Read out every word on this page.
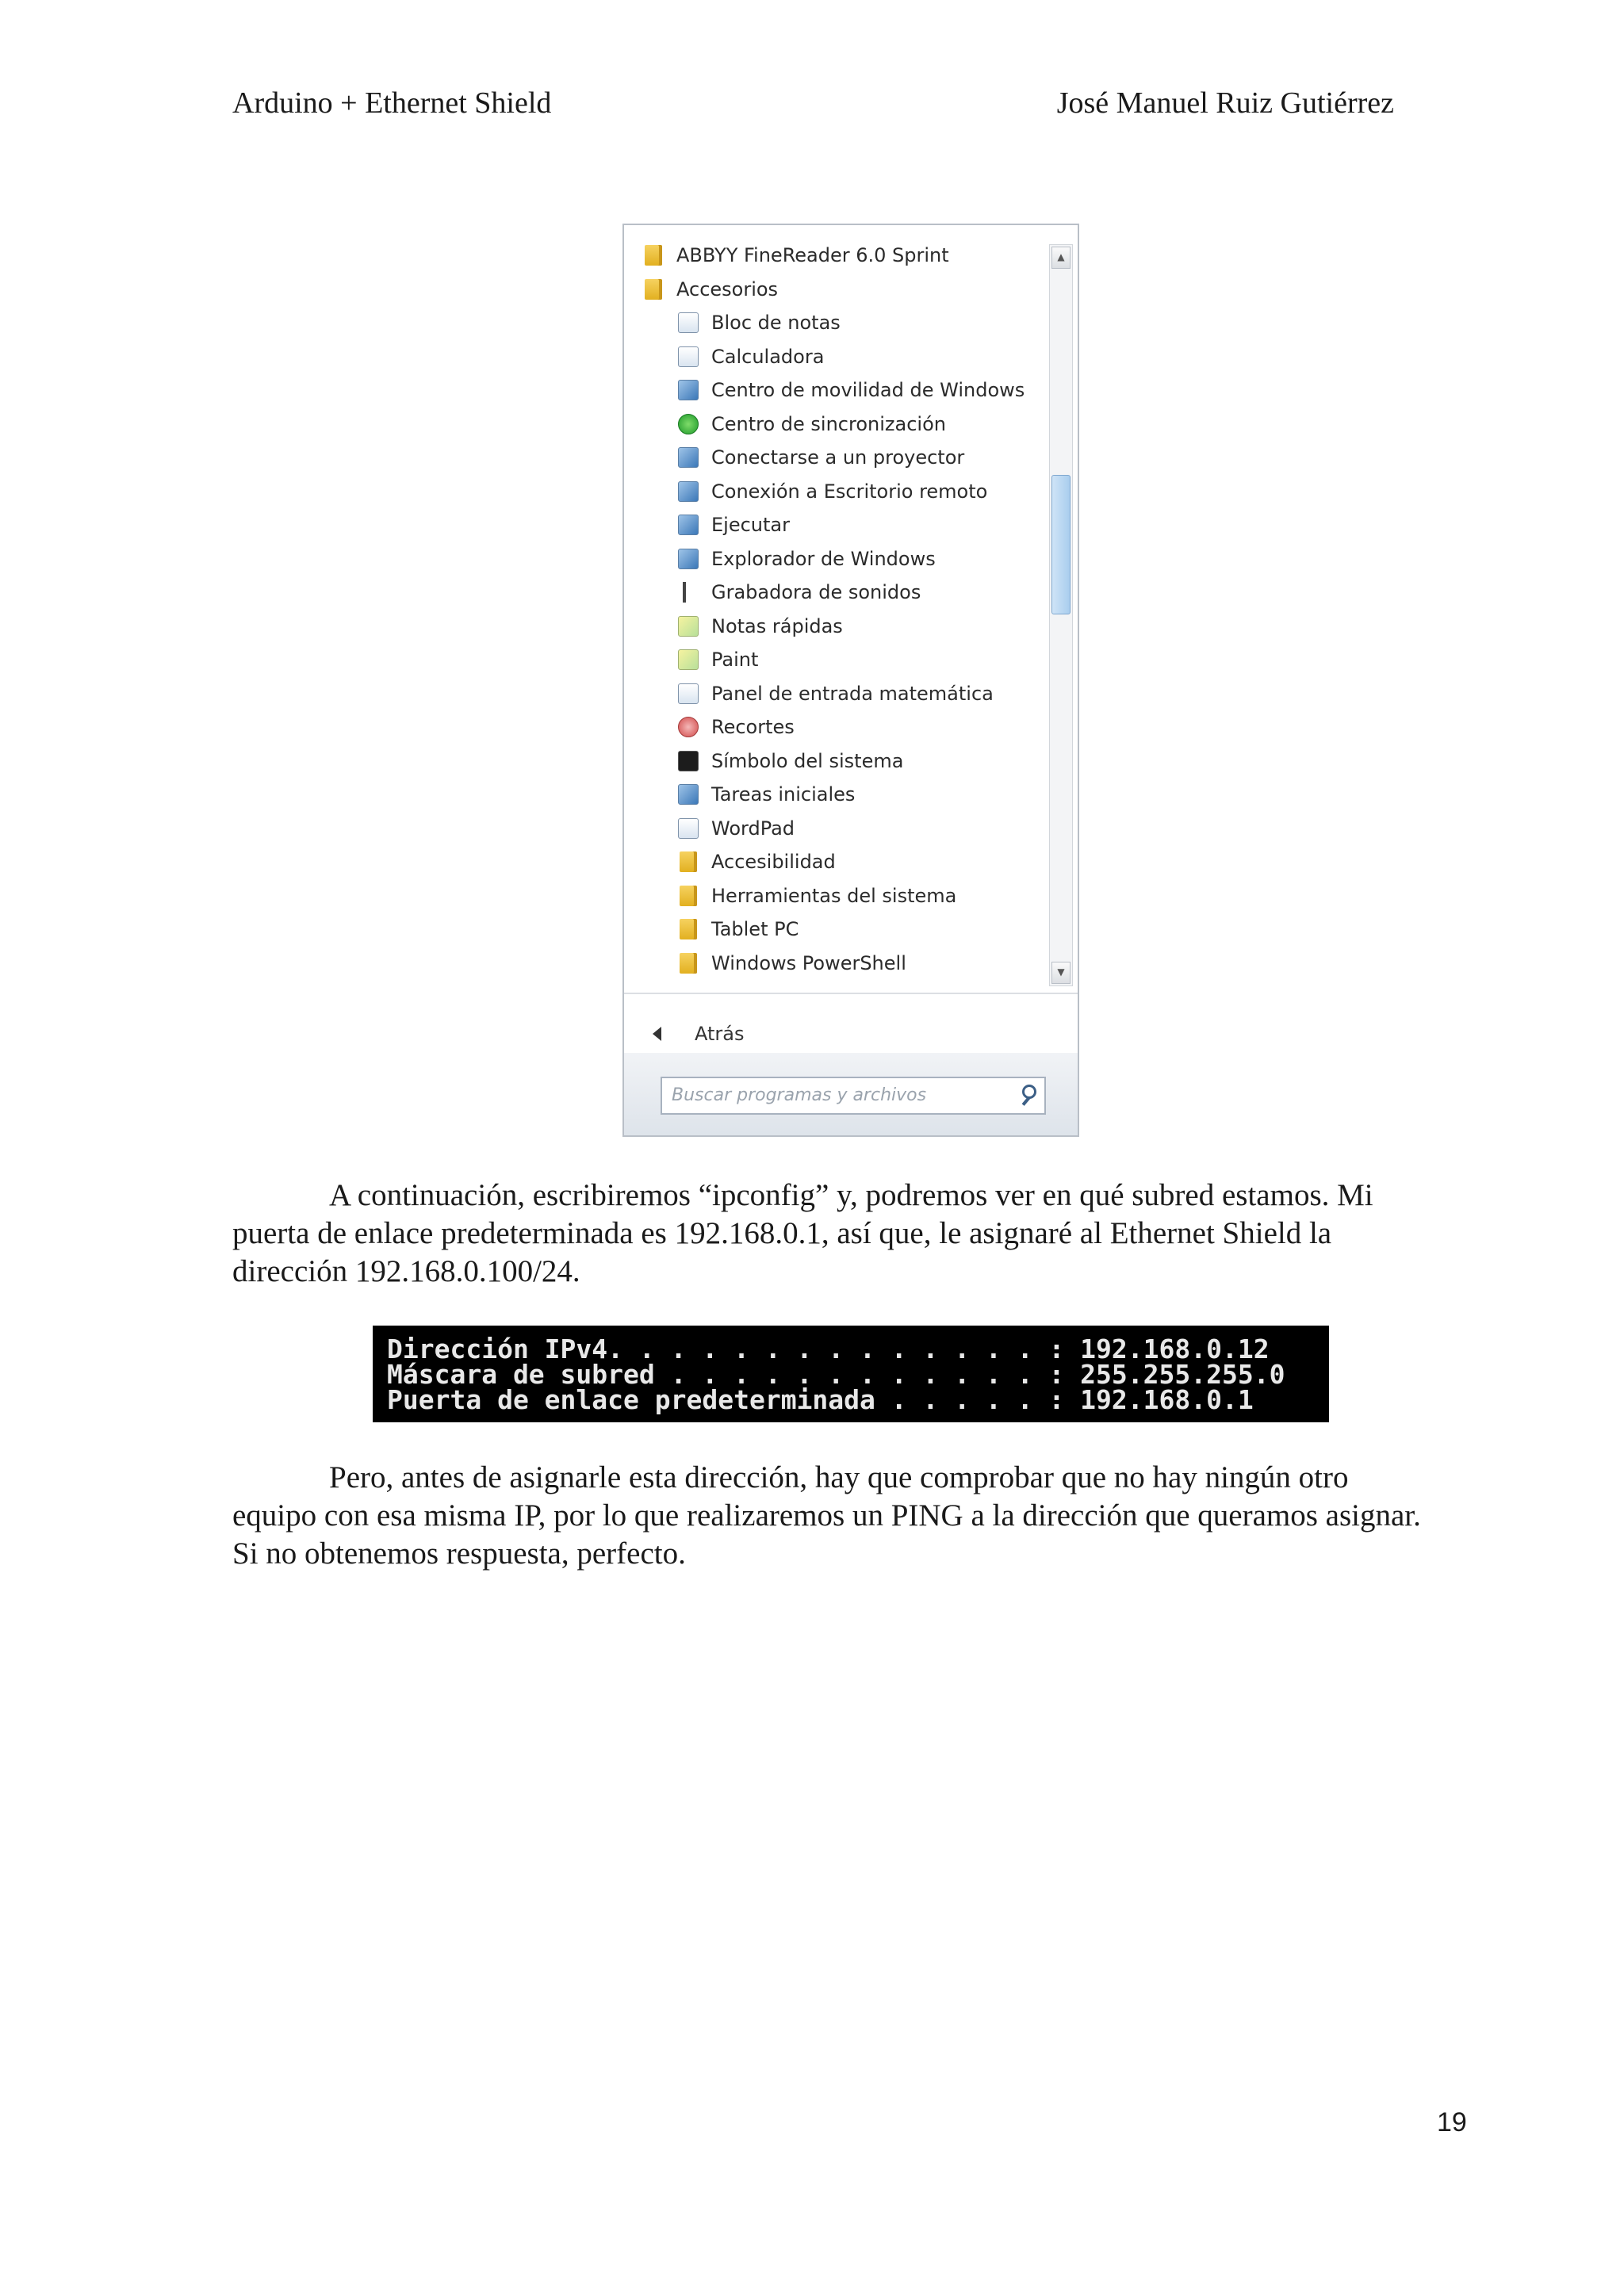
Arduino + Ethernet Shield	José Manuel Ruiz Gutiérrez
ABBYY FineReader 6.0 Sprint
Accesorios
Bloc de notas
Calculadora
Centro de movilidad de Windows
Centro de sincronización
Conectarse a un proyector
Conexión a Escritorio remoto
Ejecutar
Explorador de Windows
Grabadora de sonidos
Notas rápidas
Paint
Panel de entrada matemática
Recortes
Símbolo del sistema
Tareas iniciales
WordPad
Accesibilidad
Herramientas del sistema
Tablet PC
Windows PowerShell
▲
▼
Atrás
Buscar programas y archivos
A continuación, escribiremos “ipconfig” y, podremos ver en qué subred estamos. Mi puerta de enlace predeterminada es 192.168.0.1, así que, le asignaré al Ethernet Shield la dirección 192.168.0.100/24.
Dirección IPv4. . . . . . . . . . . . . . : 192.168.0.12
Máscara de subred . . . . . . . . . . . . : 255.255.255.0
Puerta de enlace predeterminada . . . . . : 192.168.0.1
Pero, antes de asignarle esta dirección, hay que comprobar que no hay ningún otro equipo con esa misma IP, por lo que realizaremos un PING a la dirección que queramos asignar. Si no obtenemos respuesta, perfecto.
19
